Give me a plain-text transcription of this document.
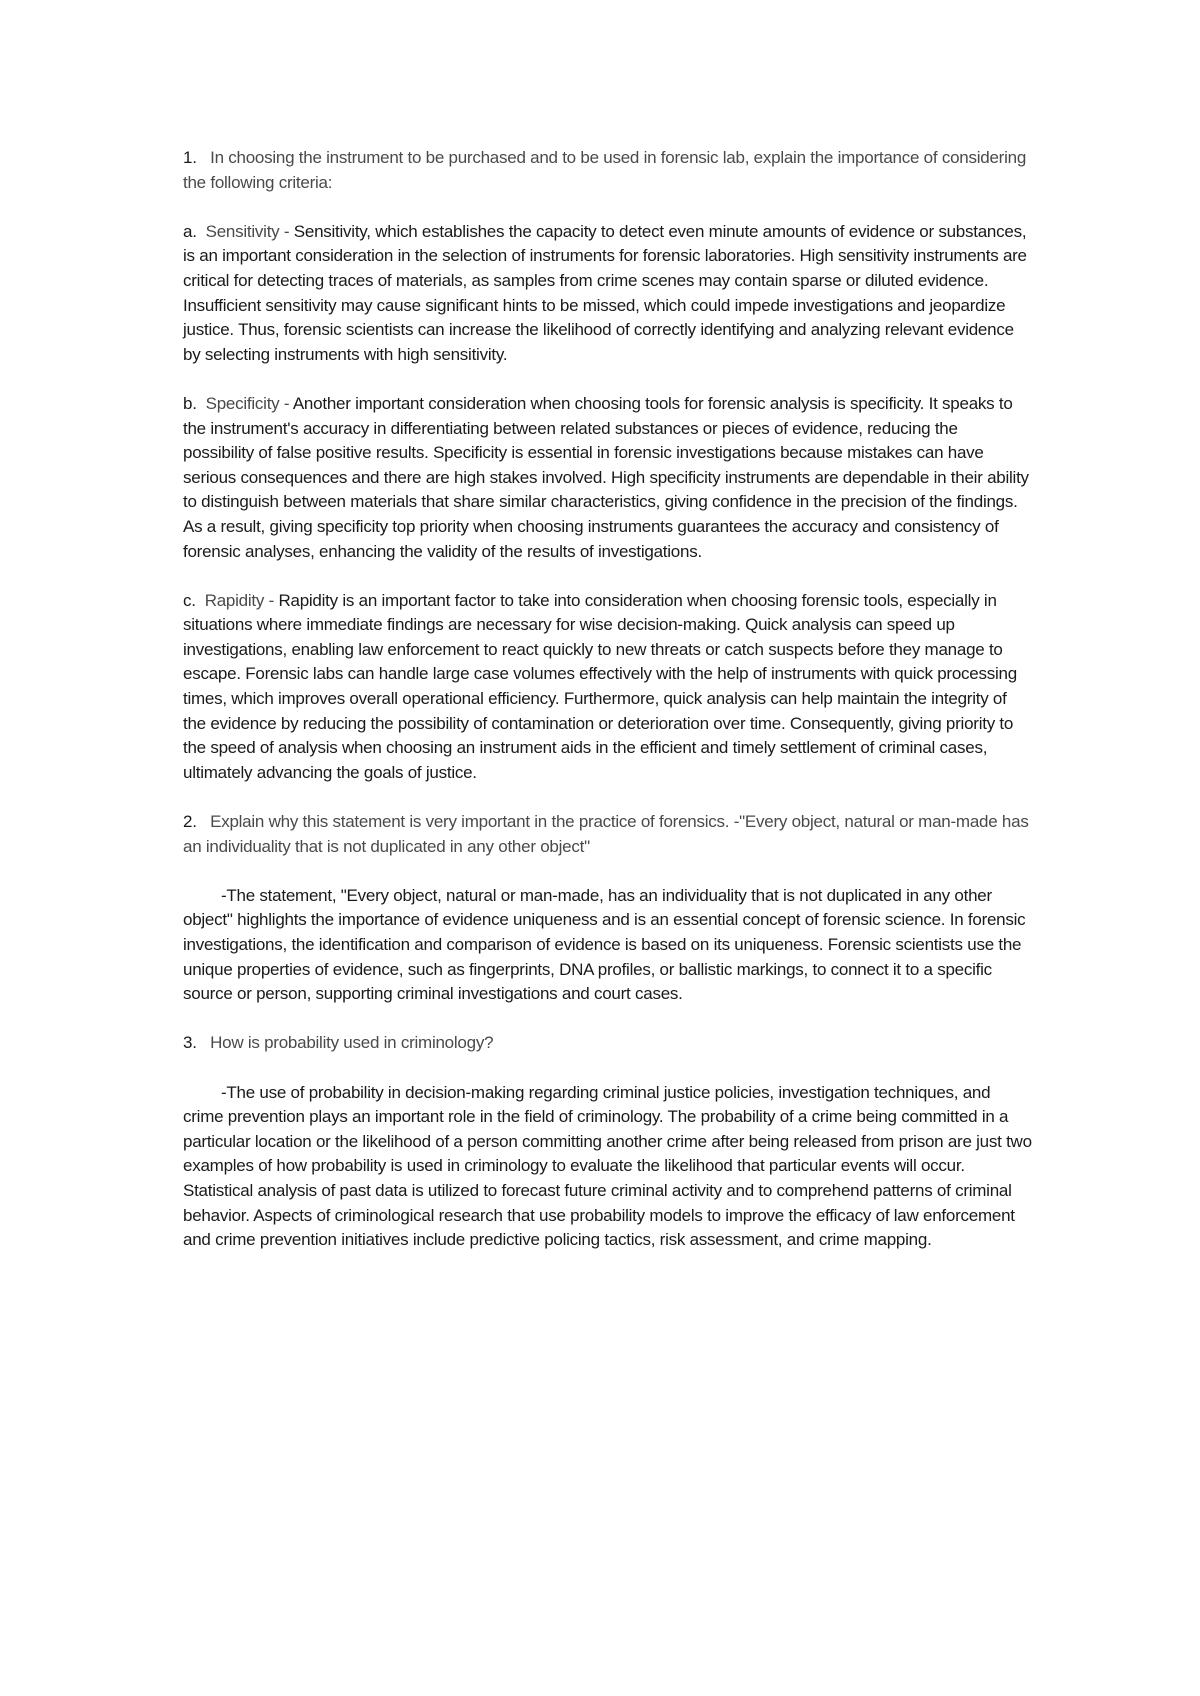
1. In choosing the instrument to be purchased and to be used in forensic lab, explain the importance of considering the following criteria:

a. Sensitivity - Sensitivity, which establishes the capacity to detect even minute amounts of evidence or substances, is an important consideration in the selection of instruments for forensic laboratories. High sensitivity instruments are critical for detecting traces of materials, as samples from crime scenes may contain sparse or diluted evidence. Insufficient sensitivity may cause significant hints to be missed, which could impede investigations and jeopardize justice. Thus, forensic scientists can increase the likelihood of correctly identifying and analyzing relevant evidence by selecting instruments with high sensitivity.

b. Specificity - Another important consideration when choosing tools for forensic analysis is specificity. It speaks to the instrument's accuracy in differentiating between related substances or pieces of evidence, reducing the possibility of false positive results. Specificity is essential in forensic investigations because mistakes can have serious consequences and there are high stakes involved. High specificity instruments are dependable in their ability to distinguish between materials that share similar characteristics, giving confidence in the precision of the findings. As a result, giving specificity top priority when choosing instruments guarantees the accuracy and consistency of forensic analyses, enhancing the validity of the results of investigations.

c. Rapidity - Rapidity is an important factor to take into consideration when choosing forensic tools, especially in situations where immediate findings are necessary for wise decision-making. Quick analysis can speed up investigations, enabling law enforcement to react quickly to new threats or catch suspects before they manage to escape. Forensic labs can handle large case volumes effectively with the help of instruments with quick processing times, which improves overall operational efficiency. Furthermore, quick analysis can help maintain the integrity of the evidence by reducing the possibility of contamination or deterioration over time. Consequently, giving priority to the speed of analysis when choosing an instrument aids in the efficient and timely settlement of criminal cases, ultimately advancing the goals of justice.

2. Explain why this statement is very important in the practice of forensics. -"Every object, natural or man-made has an individuality that is not duplicated in any other object"

-The statement, "Every object, natural or man-made, has an individuality that is not duplicated in any other object" highlights the importance of evidence uniqueness and is an essential concept of forensic science. In forensic investigations, the identification and comparison of evidence is based on its uniqueness. Forensic scientists use the unique properties of evidence, such as fingerprints, DNA profiles, or ballistic markings, to connect it to a specific source or person, supporting criminal investigations and court cases.

3. How is probability used in criminology?

-The use of probability in decision-making regarding criminal justice policies, investigation techniques, and crime prevention plays an important role in the field of criminology. The probability of a crime being committed in a particular location or the likelihood of a person committing another crime after being released from prison are just two examples of how probability is used in criminology to evaluate the likelihood that particular events will occur. Statistical analysis of past data is utilized to forecast future criminal activity and to comprehend patterns of criminal behavior. Aspects of criminological research that use probability models to improve the efficacy of law enforcement and crime prevention initiatives include predictive policing tactics, risk assessment, and crime mapping.
